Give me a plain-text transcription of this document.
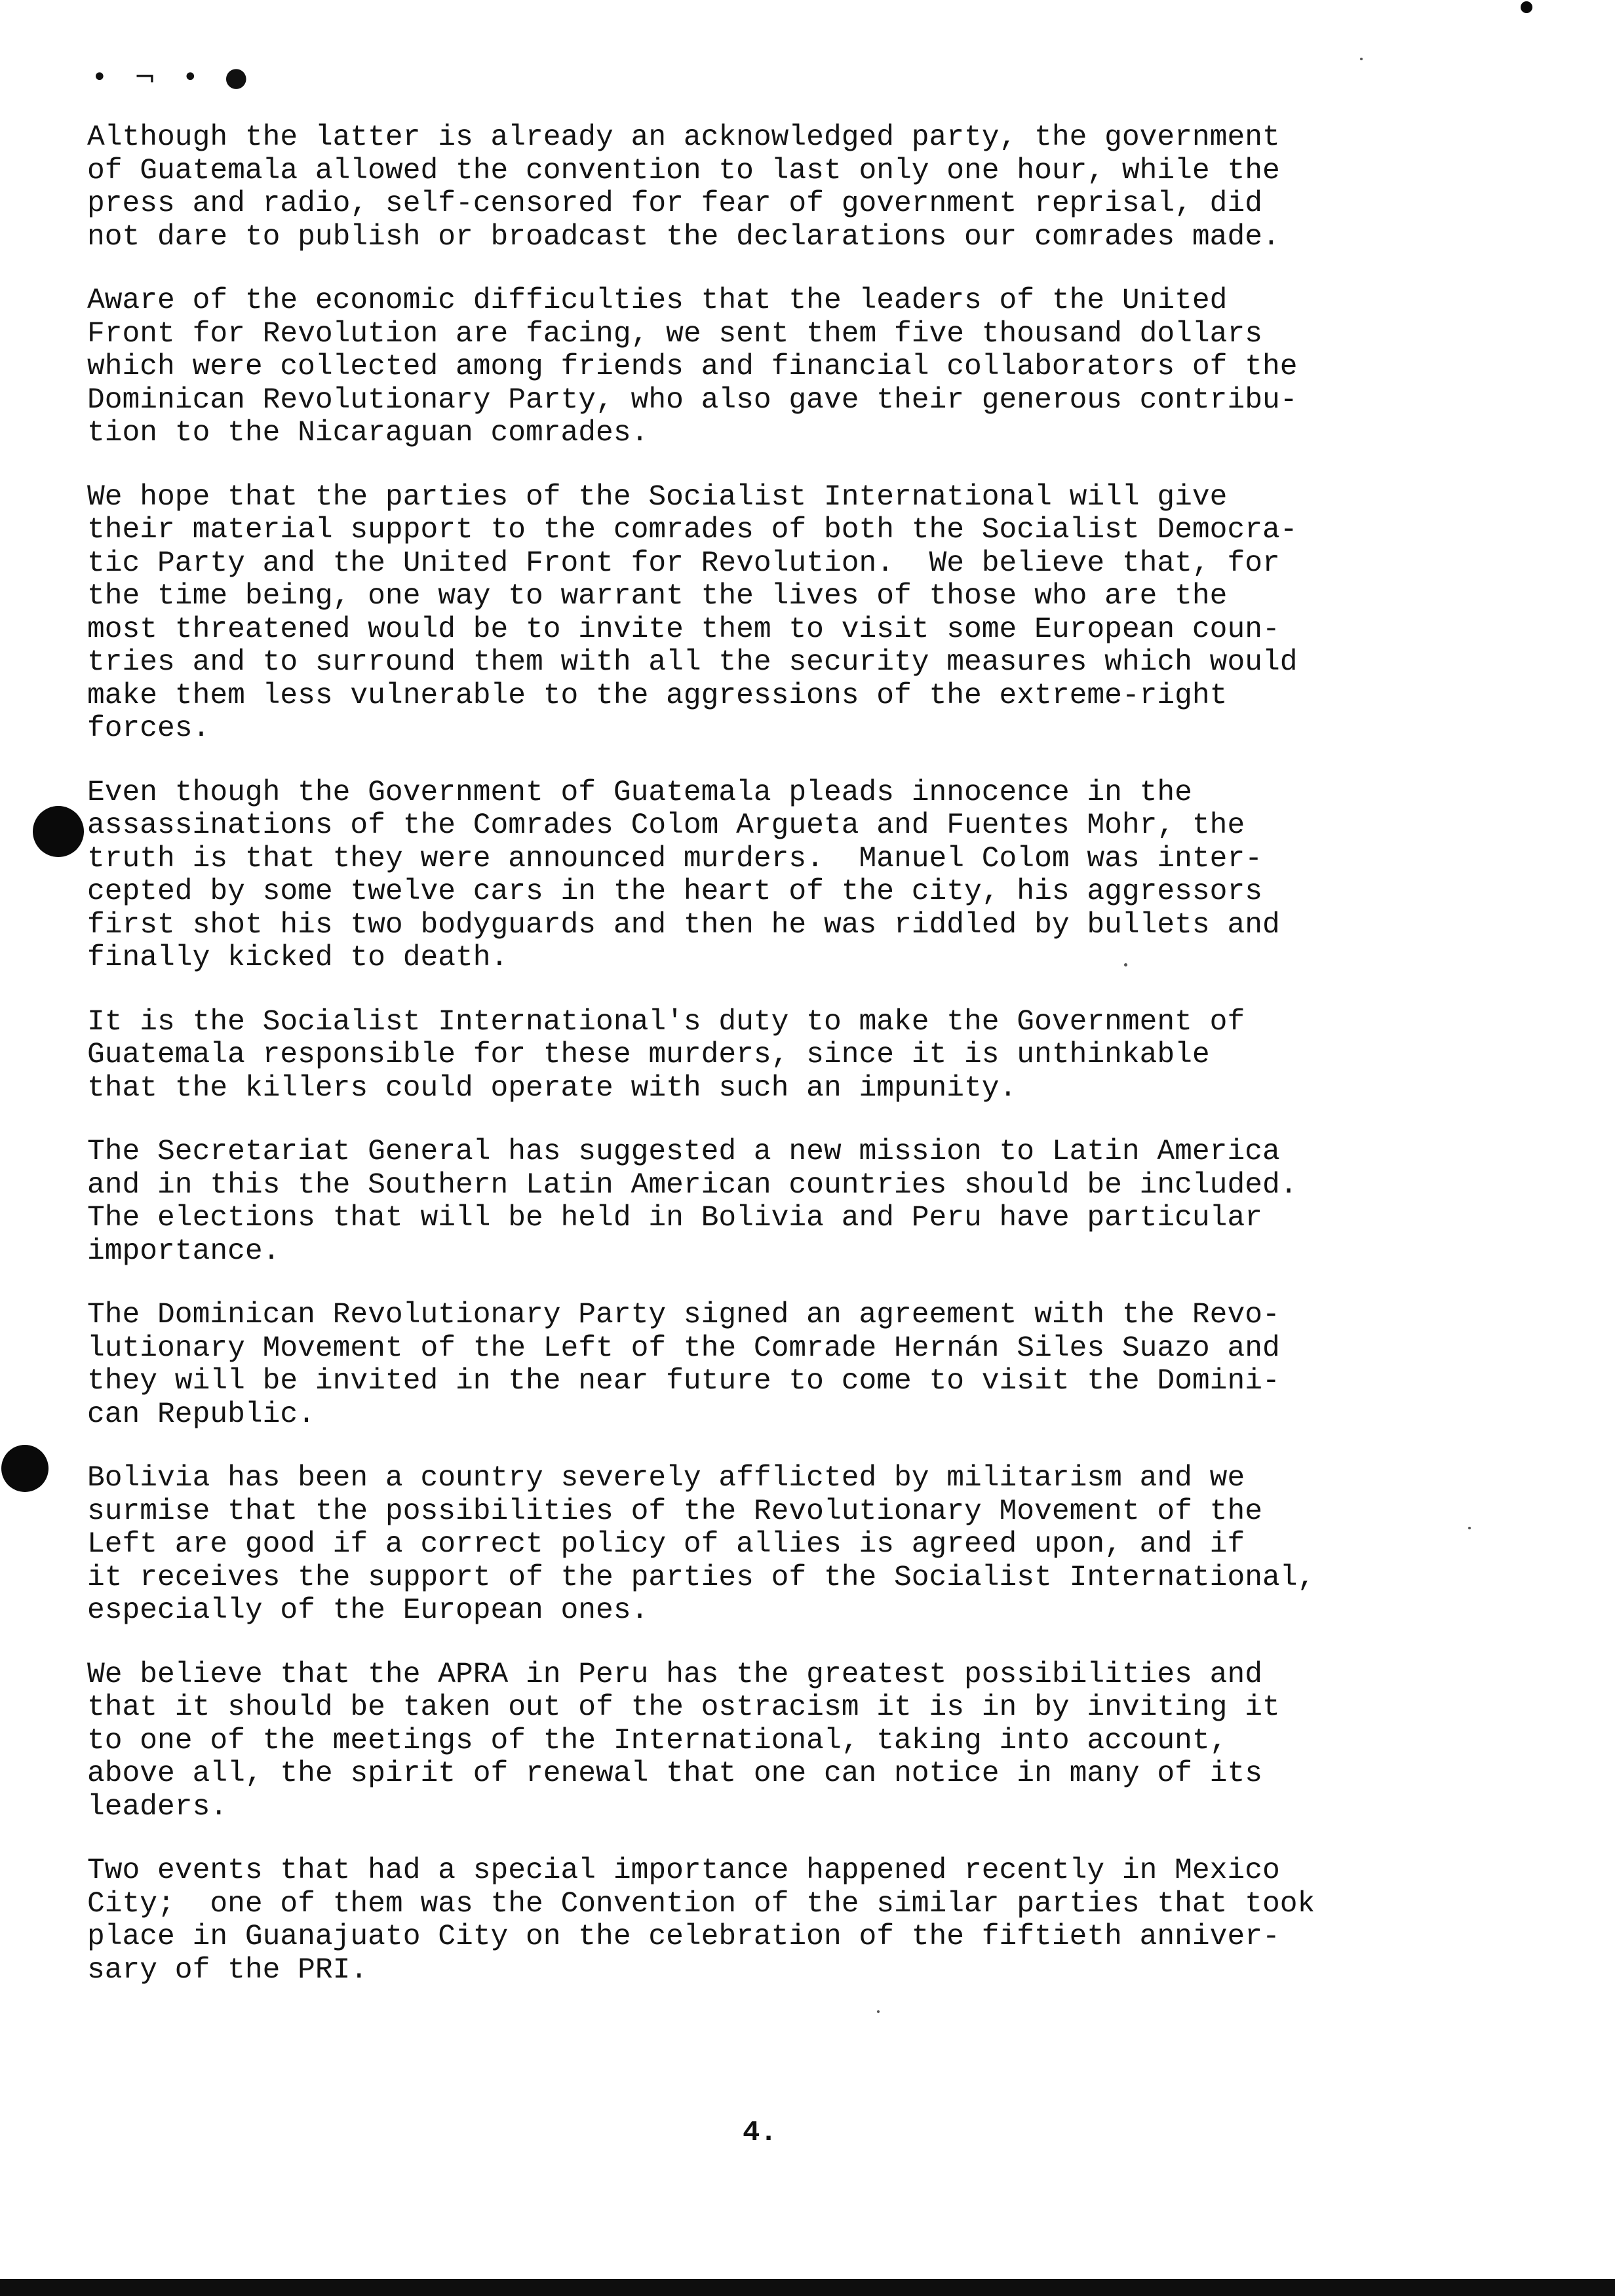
• ¬ • ●
Although the latter is already an acknowledged party, the government
of Guatemala allowed the convention to last only one hour, while the
press and radio, self-censored for fear of government reprisal, did
not dare to publish or broadcast the declarations our comrades made.
Aware of the economic difficulties that the leaders of the United
Front for Revolution are facing, we sent them five thousand dollars
which were collected among friends and financial collaborators of the
Dominican Revolutionary Party, who also gave their generous contribu-
tion to the Nicaraguan comrades.
We hope that the parties of the Socialist International will give
their material support to the comrades of both the Socialist Democra-
tic Party and the United Front for Revolution.  We believe that, for
the time being, one way to warrant the lives of those who are the
most threatened would be to invite them to visit some European coun-
tries and to surround them with all the security measures which would
make them less vulnerable to the aggressions of the extreme-right
forces.
Even though the Government of Guatemala pleads innocence in the
assassinations of the Comrades Colom Argueta and Fuentes Mohr, the
truth is that they were announced murders.  Manuel Colom was inter-
cepted by some twelve cars in the heart of the city, his aggressors
first shot his two bodyguards and then he was riddled by bullets and
finally kicked to death.
It is the Socialist International's duty to make the Government of
Guatemala responsible for these murders, since it is unthinkable
that the killers could operate with such an impunity.
The Secretariat General has suggested a new mission to Latin America
and in this the Southern Latin American countries should be included.
The elections that will be held in Bolivia and Peru have particular
importance.
The Dominican Revolutionary Party signed an agreement with the Revo-
lutionary Movement of the Left of the Comrade Hernán Siles Suazo and
they will be invited in the near future to come to visit the Domini-
can Republic.
Bolivia has been a country severely afflicted by militarism and we
surmise that the possibilities of the Revolutionary Movement of the
Left are good if a correct policy of allies is agreed upon, and if
it receives the support of the parties of the Socialist International,
especially of the European ones.
We believe that the APRA in Peru has the greatest possibilities and
that it should be taken out of the ostracism it is in by inviting it
to one of the meetings of the International, taking into account,
above all, the spirit of renewal that one can notice in many of its
leaders.
Two events that had a special importance happened recently in Mexico
City;  one of them was the Convention of the similar parties that took
place in Guanajuato City on the celebration of the fiftieth anniver-
sary of the PRI.
4.
